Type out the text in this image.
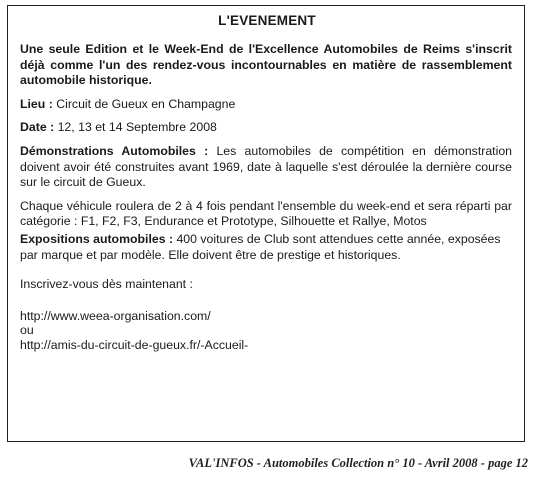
L'EVENEMENT

Une seule Edition et le Week-End de l'Excellence Automobiles de Reims s'inscrit déjà comme l'un des rendez-vous incontournables en matière de rassemblement automobile historique.

Lieu : Circuit de Gueux en Champagne

Date : 12, 13 et 14 Septembre 2008

Démonstrations Automobiles : Les automobiles de compétition en démonstration doivent avoir été construites avant 1969, date à laquelle s'est déroulée la dernière course sur le circuit de Gueux.

Chaque véhicule roulera de 2 à 4 fois pendant l'ensemble du week-end et sera réparti par catégorie : F1, F2, F3, Endurance et Prototype, Silhouette et Rallye, Motos

Expositions automobiles : 400 voitures de Club sont attendues cette année, exposées par marque et par modèle. Elle doivent être de prestige et historiques.

Inscrivez-vous dès maintenant :

http://www.weea-organisation.com/
ou
http://amis-du-circuit-de-gueux.fr/-Accueil-
VAL'INFOS - Automobiles Collection n° 10 - Avril 2008 - page 12
